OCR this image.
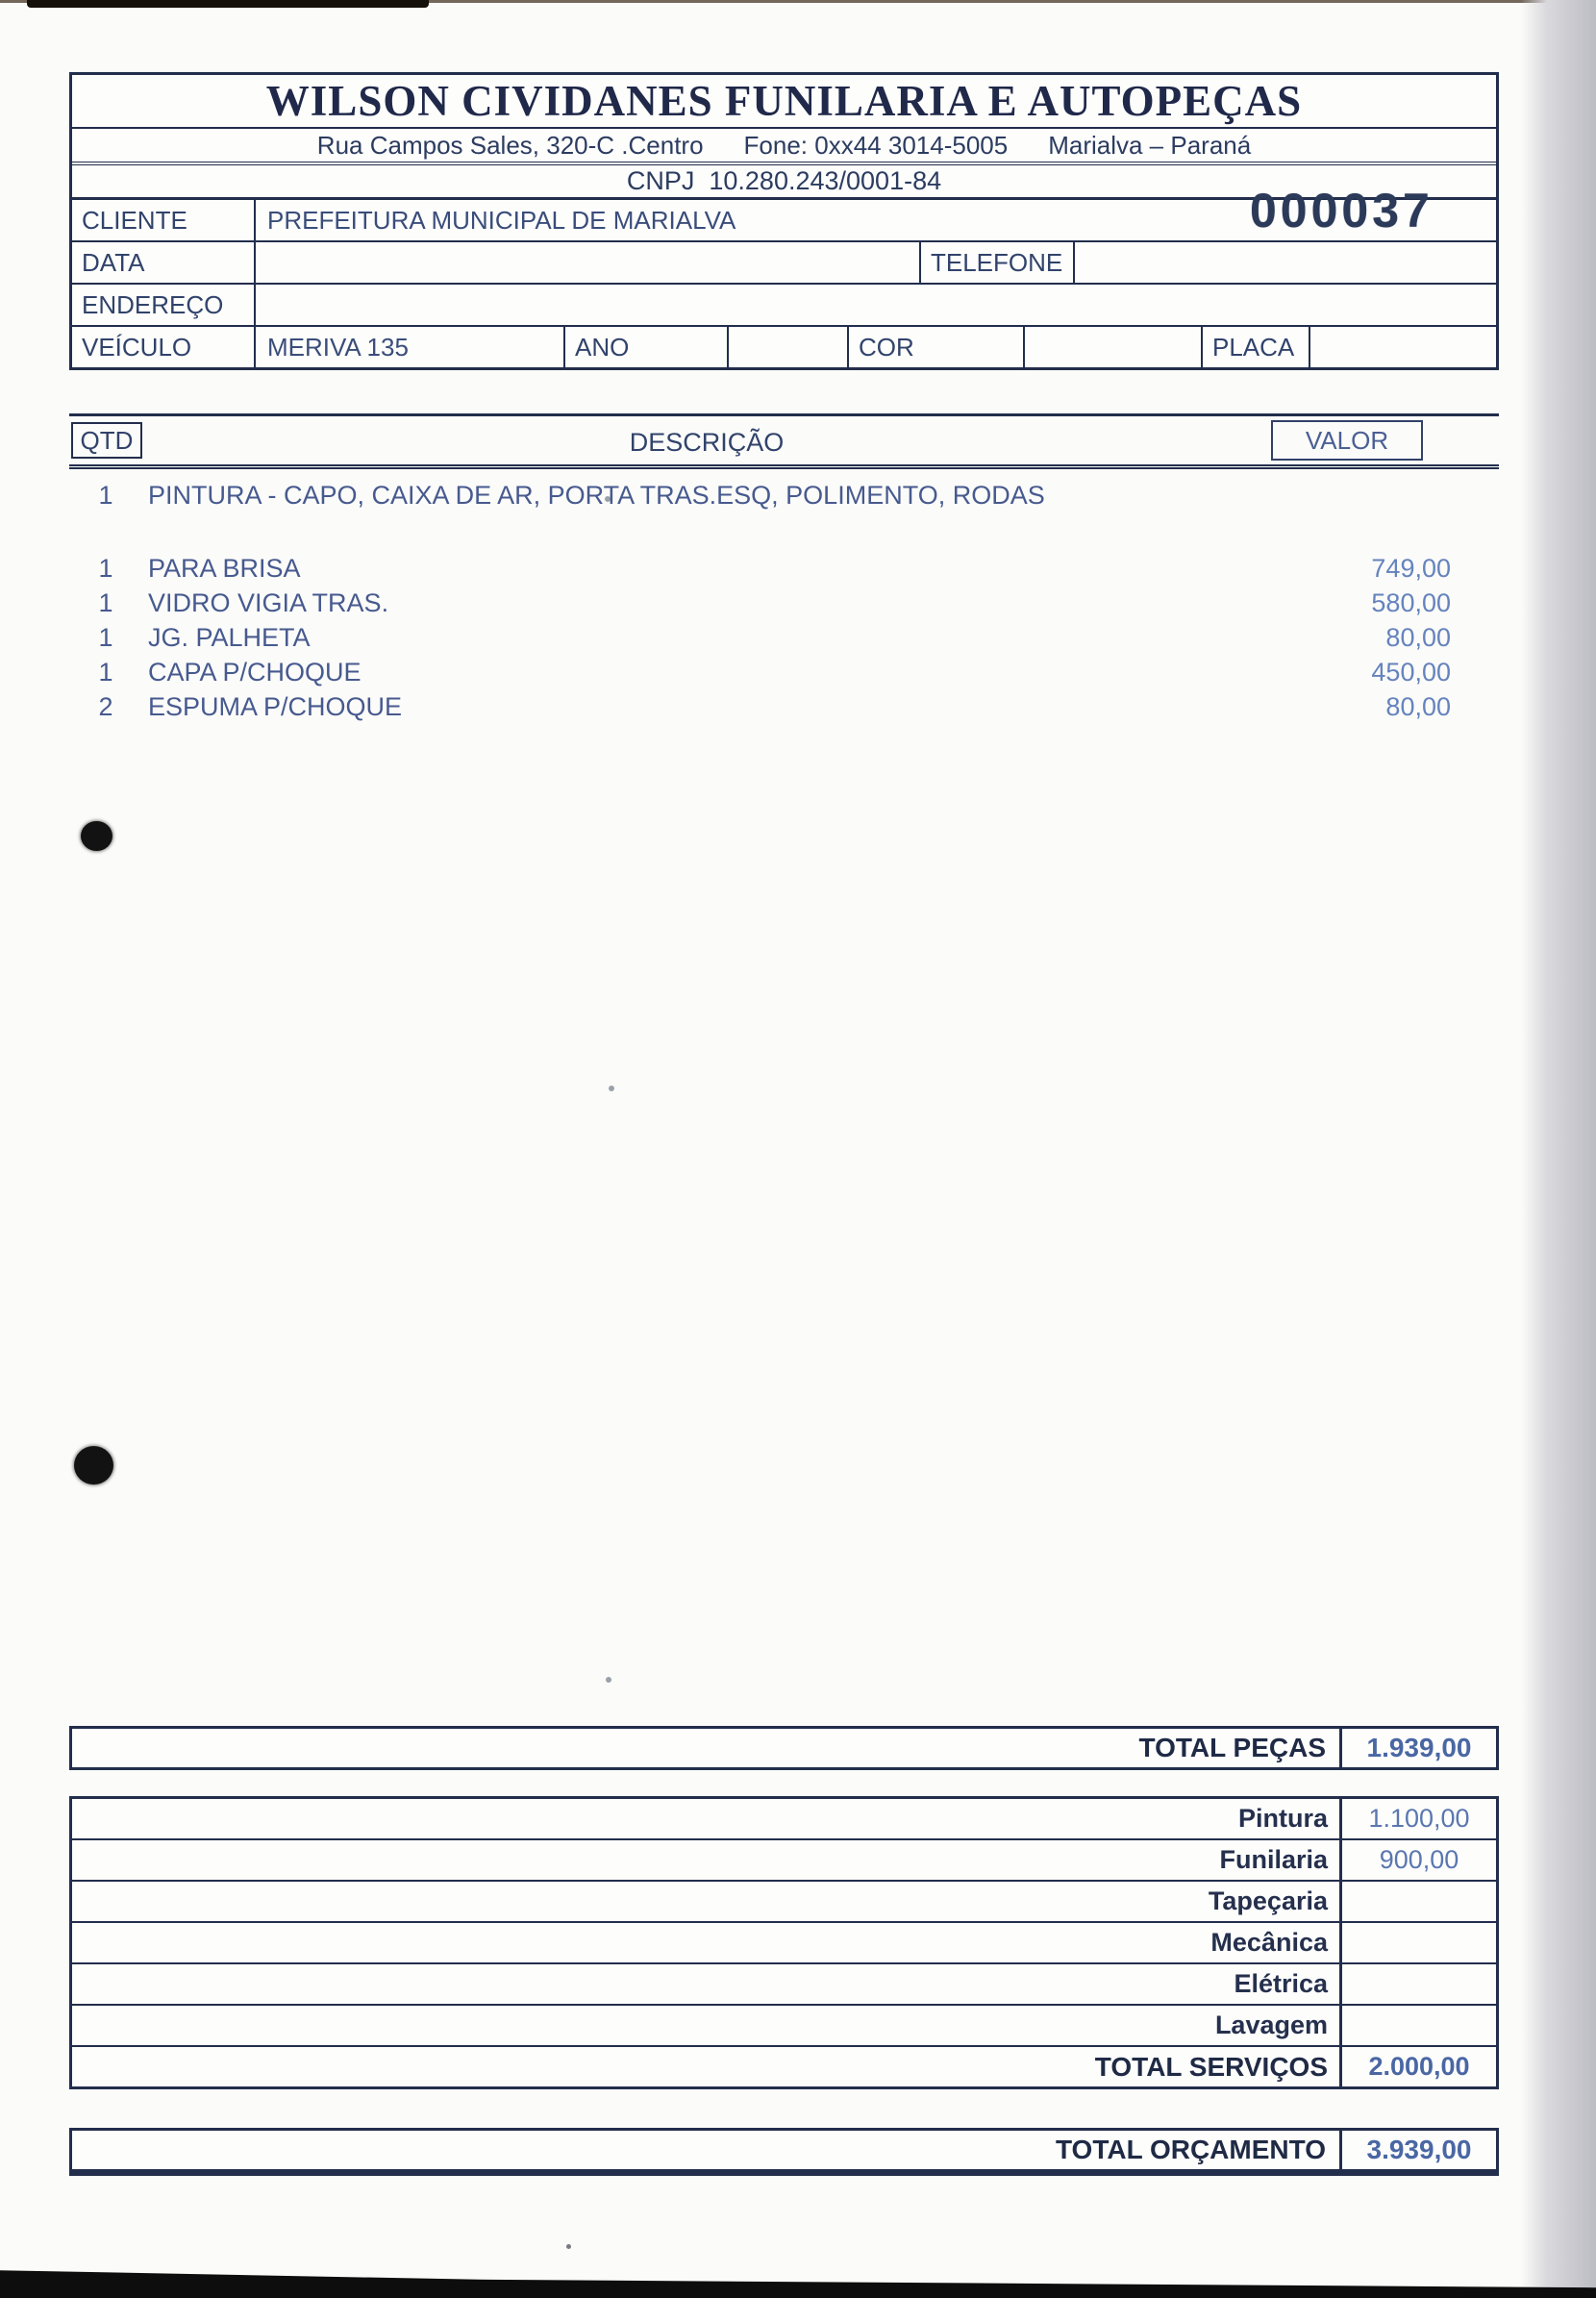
WILSON CIVIDANES FUNILARIA E AUTOPEÇAS
Rua Campos Sales, 320-C .Centro Fone: 0xx44 3014-5005 Marialva – Paraná
CNPJ  10.280.243/0001-84
CLIENTE	PREFEITURA MUNICIPAL DE MARIALVA
DATA	TELEFONE
ENDEREÇO
VEÍCULO	MERIVA 135	ANO	COR	PLACA
000037
QTD	DESCRIÇÃO	VALOR
1	PINTURA - CAPO, CAIXA DE AR, PORTA TRAS.ESQ, POLIMENTO, RODAS
1	PARA BRISA	749,00
1	VIDRO VIGIA TRAS.	580,00
1	JG. PALHETA	80,00
1	CAPA P/CHOQUE	450,00
2	ESPUMA P/CHOQUE	80,00
TOTAL PEÇAS	1.939,00
Pintura	1.100,00
Funilaria	900,00
Tapeçaria
Mecânica
Elétrica
Lavagem
TOTAL SERVIÇOS	2.000,00
TOTAL ORÇAMENTO	3.939,00
